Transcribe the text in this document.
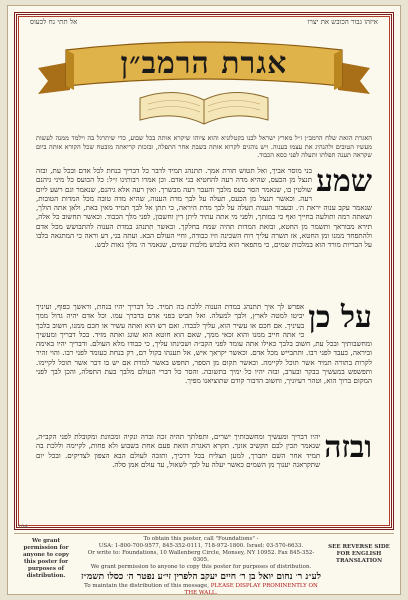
איזהו גבור הכובש את יצרו
אל תתי נח לכעוס
אגרת הרמב״ן
האגרת הזאת שלח הרמב״ן ז״ל מארץ ישראל לבנו בקטלוניא והוא ציוהו שיקרא אותה בכל שבוע, כדי שיתרגל בה וילמד ממנה לעשות מעשיו הטובים ולהנהיג את עצמו בענוה. ויש נוהגים לקרוא אותה בשבת אחר התפלה, ובזכות קריאתה מובטח שכל הקורא אותה ביום שקראה תענה תפלתו ותעלה לפני כסא הכבוד.
שמע
בני מוסר אביך, ואל תטוש תורת אמך. תתנהג תמיד לדבר כל דבריך בנחת לכל אדם ובכל עת, ובזה תנצל מן הכעס, שהיא מדה רעה להחטיא בני אדם. וכן אמרו רבותינו ז״ל: כל הכועס כל מיני גיהנם שולטין בו, שנאמר הסר כעס מלבך והעבר רעה מבשרך. ואין רעה אלא גיהנם, שנאמר וגם רשע ליום רעה. וכאשר תנצל מן הכעס, תעלה על לבך מדת הענוה, שהיא מדה טובה מכל המדות הטובות, שנאמר עקב ענוה יראת ה׳. ובעבור הענוה תעלה על לבך מדת היראה, כי תתן אל לבך תמיד מאין באת, ולאן אתה הולך, ושאתה רמה ותולעה בחייך ואף כי במותך, ולפני מי אתה עתיד ליתן דין וחשבון, לפני מלך הכבוד. וכאשר תחשוב כל אלה, תירא מבוראך ותשמר מן החטא, ובזאת המדות תהיה שמח בחלקך. וכאשר תתנהג במדת הענוה להתבושש מכל אדם ולהתפחד ממנו ומן החטא, אז תשרה עליך רוח השכינה וזיו כבודה, וחיי העולם הבא. ועתה בני, דע וראה כי המתגאה בלבו על הבריות מורד הוא במלכות שמים, כי מתפאר הוא בלבוש מלכות שמים, שנאמר ה׳ מלך גאות לבש.
על כן
אפרש לך איך תתנהג במדת הענוה ללכת בה תמיד. כל דבריך יהיו בנחת, וראשך כפוף, ועיניך יביטו למטה לארץ, ולבך למעלה. ואל תביט בפני אדם בדברך עמו. וכל אדם יהיה גדול ממך בעיניך. אם חכם או עשיר הוא, עליך לכבדו. ואם רש הוא ואתה עשיר או חכם ממנו, חשוב בלבך כי אתה חייב ממנו והוא זכאי ממך, שאם הוא חוטא הוא שוגג ואתה מזיד. בכל דבריך ומעשיך ומחשבותיך ובכל עת, חשוב בלבך כאילו אתה עומד לפני הקב״ה ושכינתו עליך, כי כבודו מלא העולם. ודבריך יהיו באימה וביראה, כעבד לפני רבו. ותתבייש מכל אדם. וכאשר יקראך איש, אל תענהו בקול רם, רק בנחת כעומד לפני רבו. והוי זהיר לקרות בתורה תמיד אשר תוכל לקיימה. וכאשר תקום מן הספר, תחפש באשר למדת אם יש בו דבר אשר תוכל לקיימו. ותפשפש במעשיך בבקר ובערב, ובזה יהיו כל ימיך בתשובה. והסר כל דברי העולם מלבך בעת התפלה, והכן לבך לפני המקום ברוך הוא, וטהר רעיוניך, וחשוב הדבור קודם שתוציאנו מפיך.
ובזה
יהיו דבריך ומעשיך ומחשבותיך ישרים, ותפלתך תהיה זכה וברה ונקיה ומכוונת ומקובלת לפני הקב״ה, שנאמר תכין לבם תקשיב אזנך. תקרא האגרת הזאת פעם אחת בשבוע ולא פחות, לקיימה וללכת בה תמיד אחר השם יתברך, למען תצליח בכל דרכיך, ותזכה לעולם הבא הצפון לצדיקים. ובכל יום שתקראנה יענוך מן השמים כאשר יעלה על לבך לשאול, עד עולם אמן סלה.
104
We grant permission for anyone to copy this poster for purposes of distribution.
To obtain this poster, call "Foundations" -
USA: 1-800-700-9577, 845-352-0111, 718-972-1800. Israel: 03-570-6633.
Or write to: Foundations, 10 Wallenberg Circle, Monsey, NY 10952. Fax 845-352-0305.
We grant permission to anyone to copy this poster for purposes of distribution.
לע״נ ר׳ נחום יואל בן ר׳ חיים יעקב הלפרין זי״ע נפטר ה׳ כסלו תשמ״ז
To maintain the distribution of this message, PLEASE DISPLAY PROMINENTLY ON THE WALL.
SEE REVERSE SIDE FOR ENGLISH TRANSLATION
